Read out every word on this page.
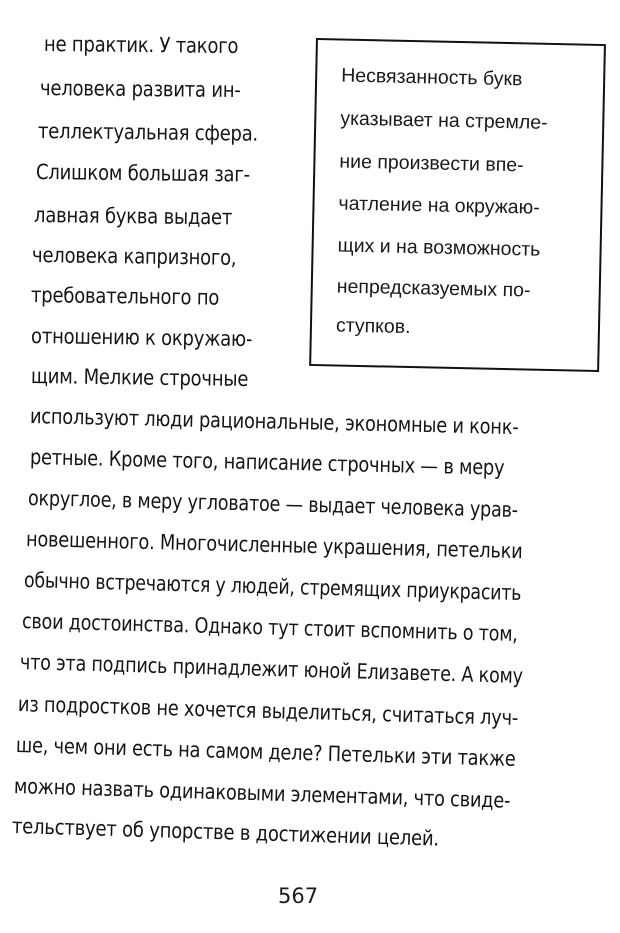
не практик. У такого
человека развита ин-
теллектуальная сфера.
Слишком большая заг-
лавная буква выдает
человека капризного,
требовательного по
отношению к окружаю-
щим. Мелкие строчные
Несвязанность букв
указывает на стремле-
ние произвести впе-
чатление на окружаю-
щих и на возможность
непредсказуемых по-
ступков.
используют люди рациональные, экономные и конк-
ретные. Кроме того, написание строчных — в меру
округлое, в меру угловатое — выдает человека урав-
новешенного. Многочисленные украшения, петельки
обычно встречаются у людей, стремящих приукрасить
свои достоинства. Однако тут стоит вспомнить о том,
что эта подпись принадлежит юной Елизавете. А кому
из подростков не хочется выделиться, считаться луч-
ше, чем они есть на самом деле? Петельки эти также
можно назвать одинаковыми элементами, что свиде-
тельствует об упорстве в достижении целей.
567
